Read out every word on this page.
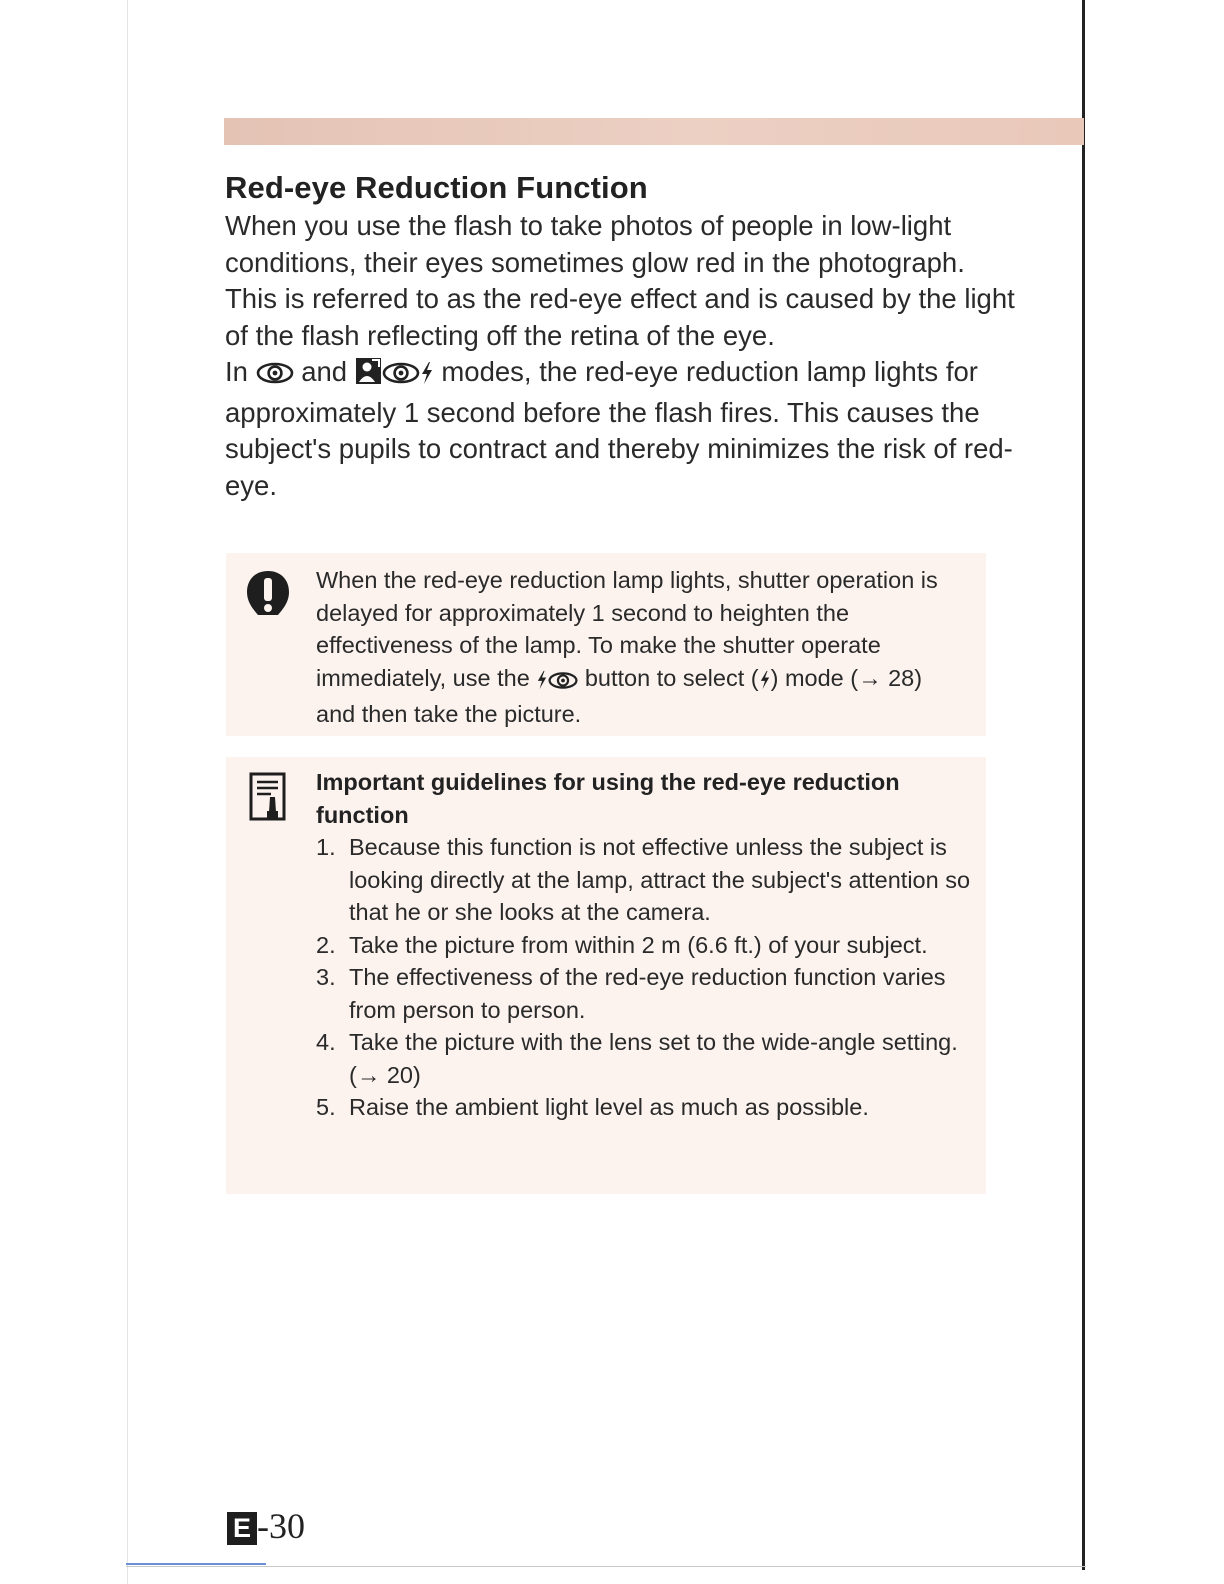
Red-eye Reduction Function

When you use the flash to take photos of people in low-light conditions, their eyes sometimes glow red in the photograph. This is referred to as the red-eye effect and is caused by the light of the flash reflecting off the retina of the eye.

In and	modes, the red-eye reduction lamp lights for approximately 1 second before the flash fires. This causes the subject's pupils to contract and thereby minimizes the risk of red-eye.

When the red-eye reduction lamp lights, shutter operation is delayed for approximately 1 second to heighten the effectiveness of the lamp. To make the shutter operate immediately, use the button to select ( ) mode (→ 28) and then take the picture.
Important guidelines for using the red-eye reduction function
1. Because this function is not effective unless the subject is looking directly at the lamp, attract the subject's attention so that he or she looks at the camera.
2. Take the picture from within 2 m (6.6 ft.) of your subject.
3. The effectiveness of the red-eye reduction function varies from person to person.
4. Take the picture with the lens set to the wide-angle setting. (→ 20)
5. Raise the ambient light level as much as possible.
E -30
